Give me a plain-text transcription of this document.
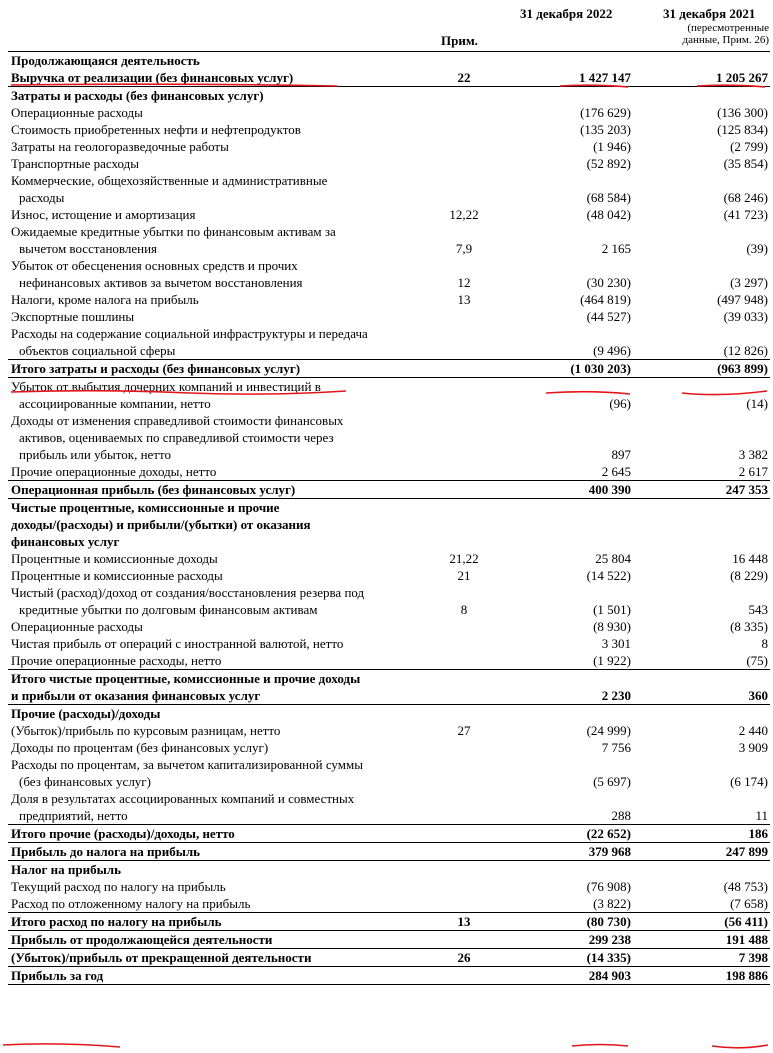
Прим.
31 декабря 2022	31 декабря 2021
(пересмотренные
данные, Прим. 26)
Продолжающаяся деятельность			
Выручка от реализации (без финансовых услуг)	22	1 427 147	1 205 267
Затраты и расходы (без финансовых услуг)			
Операционные расходы		(176 629)	(136 300)
Стоимость приобретенных нефти и нефтепродуктов		(135 203)	(125 834)
Затраты на геологоразведочные работы		(1 946)	(2 799)
Транспортные расходы		(52 892)	(35 854)
Коммерческие, общехозяйственные и административные
расходы		(68 584)	(68 246)
Износ, истощение и амортизация	12,22	(48 042)	(41 723)
Ожидаемые кредитные убытки по финансовым активам за
вычетом восстановления	7,9	2 165	(39)
Убыток от обесценения основных средств и прочих
нефинансовых активов за вычетом восстановления	12	(30 230)	(3 297)
Налоги, кроме налога на прибыль	13	(464 819)	(497 948)
Экспортные пошлины		(44 527)	(39 033)
Расходы на содержание социальной инфраструктуры и передача
объектов социальной сферы		(9 496)	(12 826)
Итого затраты и расходы (без финансовых услуг)		(1 030 203)	(963 899)
Убыток от выбытия дочерних компаний и инвестиций в
ассоциированные компании, нетто		(96)	(14)
Доходы от изменения справедливой стоимости финансовых
активов, оцениваемых по справедливой стоимости через
прибыль или убыток, нетто		897	3 382
Прочие операционные доходы, нетто		2 645	2 617
Операционная прибыль (без финансовых услуг)		400 390	247 353
Чистые процентные, комиссионные и прочие
доходы/(расходы) и прибыли/(убытки) от оказания
финансовых услуг			

Процентные и комиссионные доходы	21,22	25 804	16 448
Процентные и комиссионные расходы	21	(14 522)	(8 229)
Чистый (расход)/доход от создания/восстановления резерва под
кредитные убытки по долговым финансовым активам	8	(1 501)	543
Операционные расходы		(8 930)	(8 335)
Чистая прибыль от операций с иностранной валютой, нетто		3 301	8
Прочие операционные расходы, нетто		(1 922)	(75)
Итого чистые процентные, комиссионные и прочие доходы
и прибыли от оказания финансовых услуг		2 230	360
Прочие (расходы)/доходы			
(Убыток)/прибыль по курсовым разницам, нетто	27	(24 999)	2 440
Доходы по процентам (без финансовых услуг)		7 756	3 909
Расходы по процентам, за вычетом капитализированной суммы
(без финансовых услуг)		(5 697)	(6 174)
Доля в результатах ассоциированных компаний и совместных
предприятий, нетто		288	11
Итого прочие (расходы)/доходы, нетто		(22 652)	186
Прибыль до налога на прибыль		379 968	247 899
Налог на прибыль			
Текущий расход по налогу на прибыль		(76 908)	(48 753)
Расход по отложенному налогу на прибыль		(3 822)	(7 658)
Итого расход по налогу на прибыль	13	(80 730)	(56 411)
Прибыль от продолжающейся деятельности		299 238	191 488
(Убыток)/прибыль от прекращенной деятельности	26	(14 335)	7 398
Прибыль за год		284 903	198 886
